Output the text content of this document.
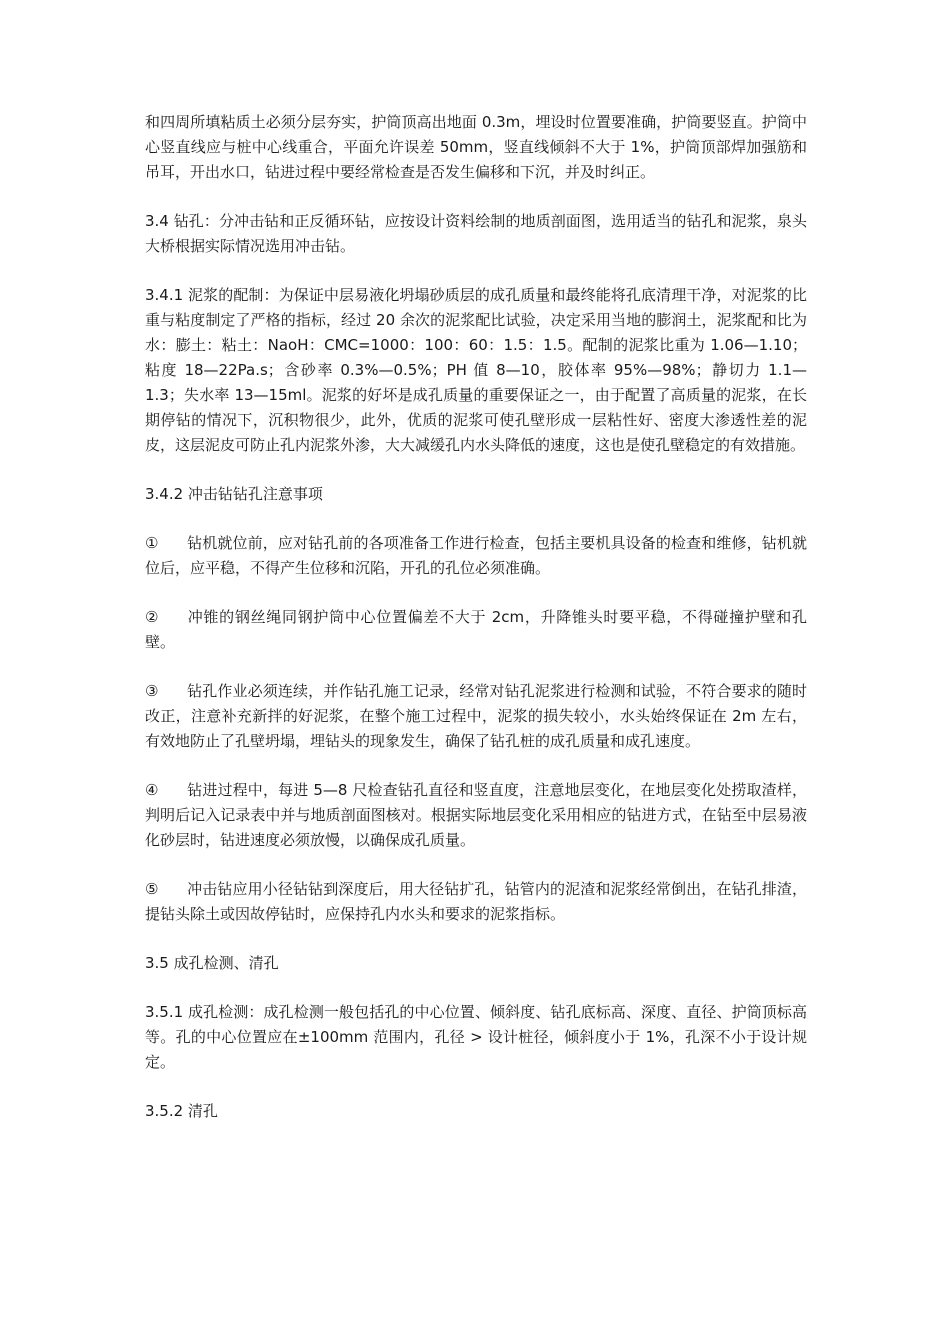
和四周所填粘质土必须分层夯实，护筒顶高出地面 0.3m，埋设时位置要准确，护筒要竖直。护筒中心竖直线应与桩中心线重合，平面允许误差 50mm，竖直线倾斜不大于 1%，护筒顶部焊加强筋和吊耳，开出水口，钻进过程中要经常检查是否发生偏移和下沉，并及时纠正。

3.4 钻孔：分冲击钻和正反循环钻，应按设计资料绘制的地质剖面图，选用适当的钻孔和泥浆，泉头大桥根据实际情况选用冲击钻。

3.4.1 泥浆的配制：为保证中层易液化坍塌砂质层的成孔质量和最终能将孔底清理干净，对泥浆的比重与粘度制定了严格的指标，经过 20 余次的泥浆配比试验，决定采用当地的膨润土，泥浆配和比为 水：膨土：粘土：NaoH：CMC=1000：100：60：1.5：1.5。配制的泥浆比重为 1.06—1.10；粘度 18—22Pa.s；含砂率 0.3%—0.5%；PH 值 8—10，胶体率 95%—98%；静切力 1.1—1.3；失水率 13—15ml。泥浆的好坏是成孔质量的重要保证之一，由于配置了高质量的泥浆，在长期停钻的情况下，沉积物很少，此外，优质的泥浆可使孔壁形成一层粘性好、密度大渗透性差的泥皮，这层泥皮可防止孔内泥浆外渗，大大减缓孔内水头降低的速度，这也是使孔壁稳定的有效措施。

3.4.2 冲击钻钻孔注意事项

① 钻机就位前，应对钻孔前的各项准备工作进行检查，包括主要机具设备的检查和维修，钻机就位后，应平稳，不得产生位移和沉陷，开孔的孔位必须准确。

② 冲锥的钢丝绳同钢护筒中心位置偏差不大于 2cm，升降锥头时要平稳，不得碰撞护壁和孔壁。

③ 钻孔作业必须连续，并作钻孔施工记录，经常对钻孔泥浆进行检测和试验，不符合要求的随时改正，注意补充新拌的好泥浆，在整个施工过程中，泥浆的损失较小，水头始终保证在 2m 左右，有效地防止了孔壁坍塌，埋钻头的现象发生，确保了钻孔桩的成孔质量和成孔速度。

④ 钻进过程中，每进 5—8 尺检查钻孔直径和竖直度，注意地层变化，在地层变化处捞取渣样，判明后记入记录表中并与地质剖面图核对。根据实际地层变化采用相应的钻进方式，在钻至中层易液化砂层时，钻进速度必须放慢，以确保成孔质量。

⑤ 冲击钻应用小径钻钻到深度后，用大径钻扩孔，钻管内的泥渣和泥浆经常倒出，在钻孔排渣，提钻头除土或因故停钻时，应保持孔内水头和要求的泥浆指标。

3.5 成孔检测、清孔

3.5.1 成孔检测：成孔检测一般包括孔的中心位置、倾斜度、钻孔底标高、深度、直径、护筒顶标高等。孔的中心位置应在±100mm 范围内，孔径 > 设计桩径，倾斜度小于 1%，孔深不小于设计规定。

3.5.2 清孔
